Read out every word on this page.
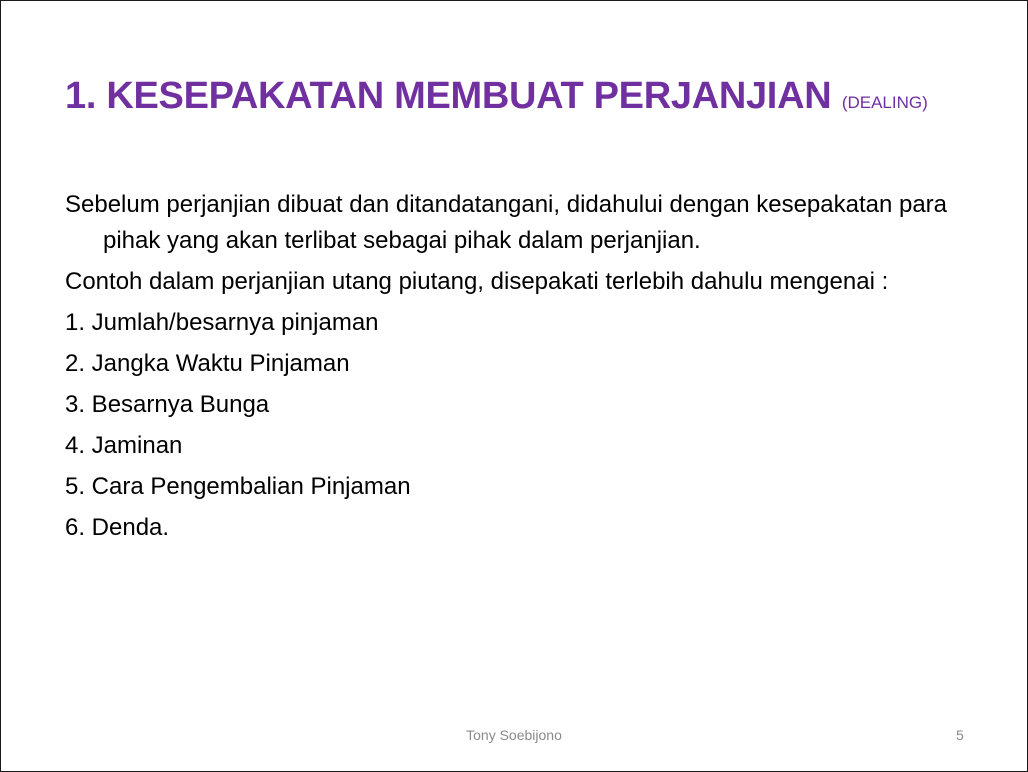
1. KESEPAKATAN MEMBUAT PERJANJIAN (DEALING)

Sebelum perjanjian dibuat dan ditandatangani, didahului dengan kesepakatan para pihak yang akan terlibat sebagai pihak dalam perjanjian.

Contoh dalam perjanjian utang piutang, disepakati terlebih dahulu mengenai :

1. Jumlah/besarnya pinjaman
2. Jangka Waktu Pinjaman
3. Besarnya Bunga
4. Jaminan
5. Cara Pengembalian Pinjaman
6. Denda.
Tony Soebijono	5
